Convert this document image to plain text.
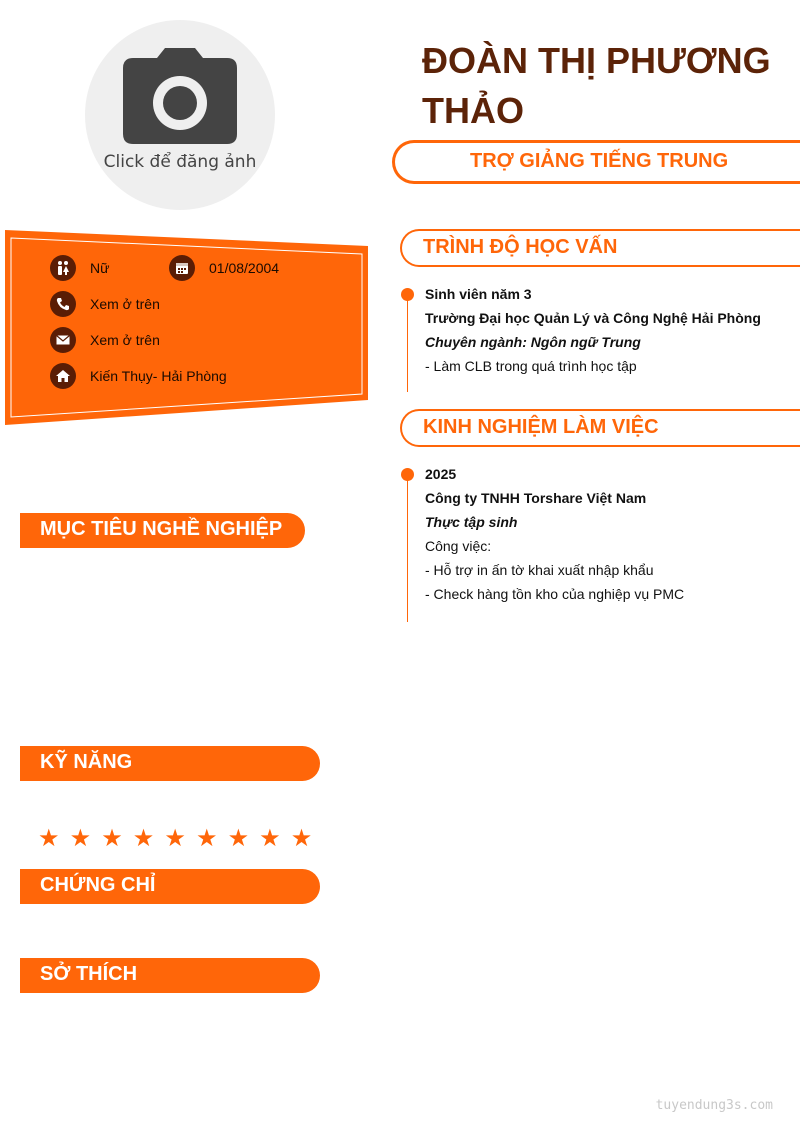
Click để đăng ảnh
ĐOÀN THỊ PHƯƠNG THẢO
TRỢ GIẢNG TIẾNG TRUNG
Nữ	01/08/2004
Xem ở trên
Xem ở trên
Kiến Thụy- Hải Phòng
TRÌNH ĐỘ HỌC VẤN
Sinh viên năm 3
Trường Đại học Quản Lý và Công Nghệ Hải Phòng
Chuyên ngành: Ngôn ngữ Trung
- Làm CLB trong quá trình học tập
KINH NGHIỆM LÀM VIỆC
2025
Công ty TNHH Torshare Việt Nam
Thực tập sinh
Công việc:
- Hỗ trợ in ấn tờ khai xuất nhập khẩu
- Check hàng tồn kho của nghiệp vụ PMC
MỤC TIÊU NGHỀ NGHIỆP
KỸ NĂNG
★ ★ ★ ★ ★ ★ ★ ★ ★
CHỨNG CHỈ
SỞ THÍCH
tuyendung3s.com
